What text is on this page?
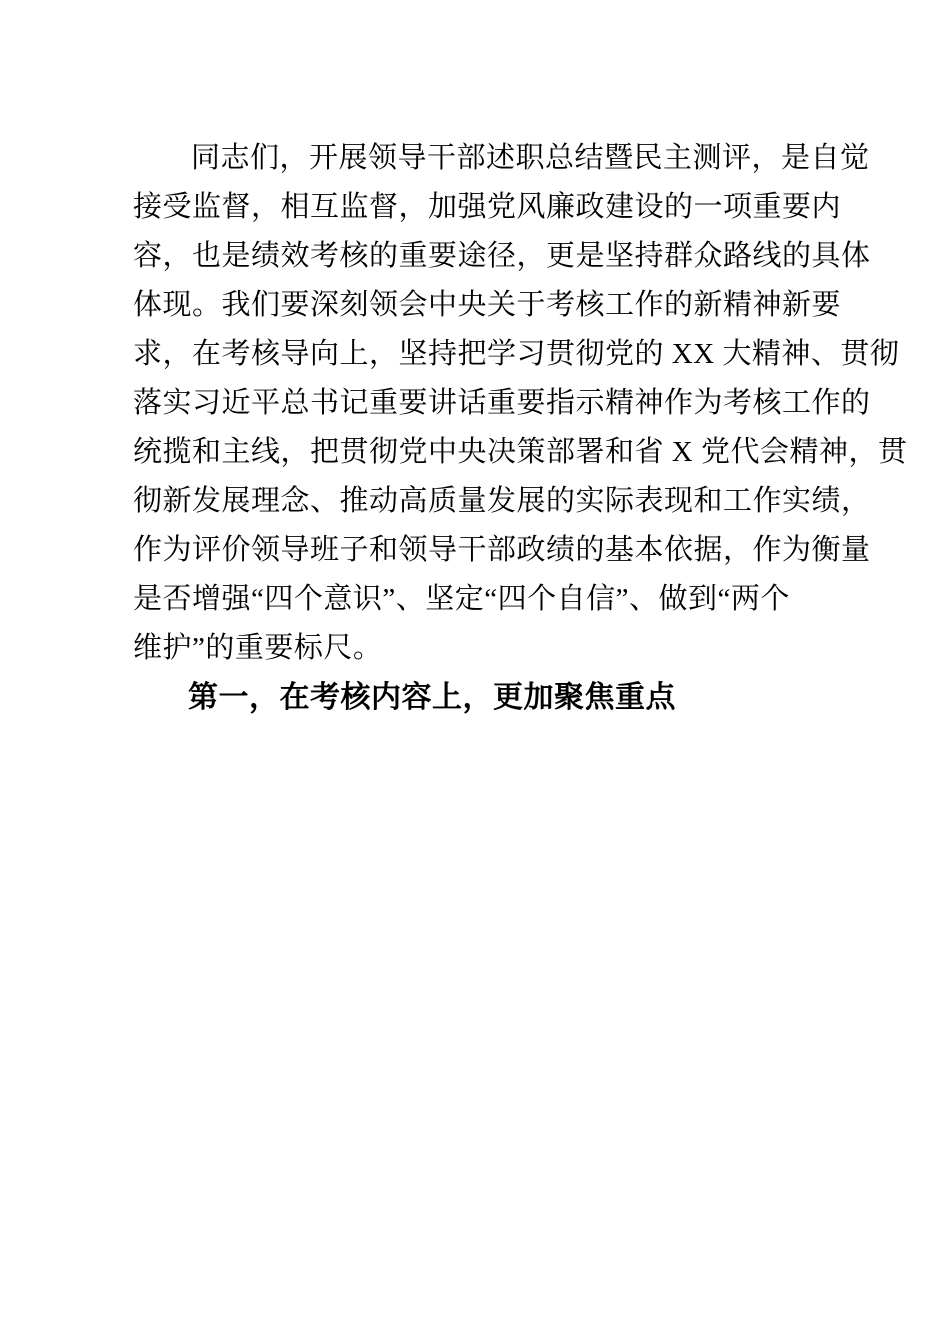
同志们，开展领导干部述职总结暨民主测评，是自觉
接受监督，相互监督，加强党风廉政建设的一项重要内
容，也是绩效考核的重要途径，更是坚持群众路线的具体
体现。我们要深刻领会中央关于考核工作的新精神新要
求，在考核导向上，坚持把学习贯彻党的 XX 大精神、贯彻
落实习近平总书记重要讲话重要指示精神作为考核工作的
统揽和主线，把贯彻党中央决策部署和省 X 党代会精神，贯
彻新发展理念、推动高质量发展的实际表现和工作实绩，
作为评价领导班子和领导干部政绩的基本依据，作为衡量
是否增强“四个意识”、坚定“四个自信”、做到“两个
维护”的重要标尺。
第一，在考核内容上，更加聚焦重点
